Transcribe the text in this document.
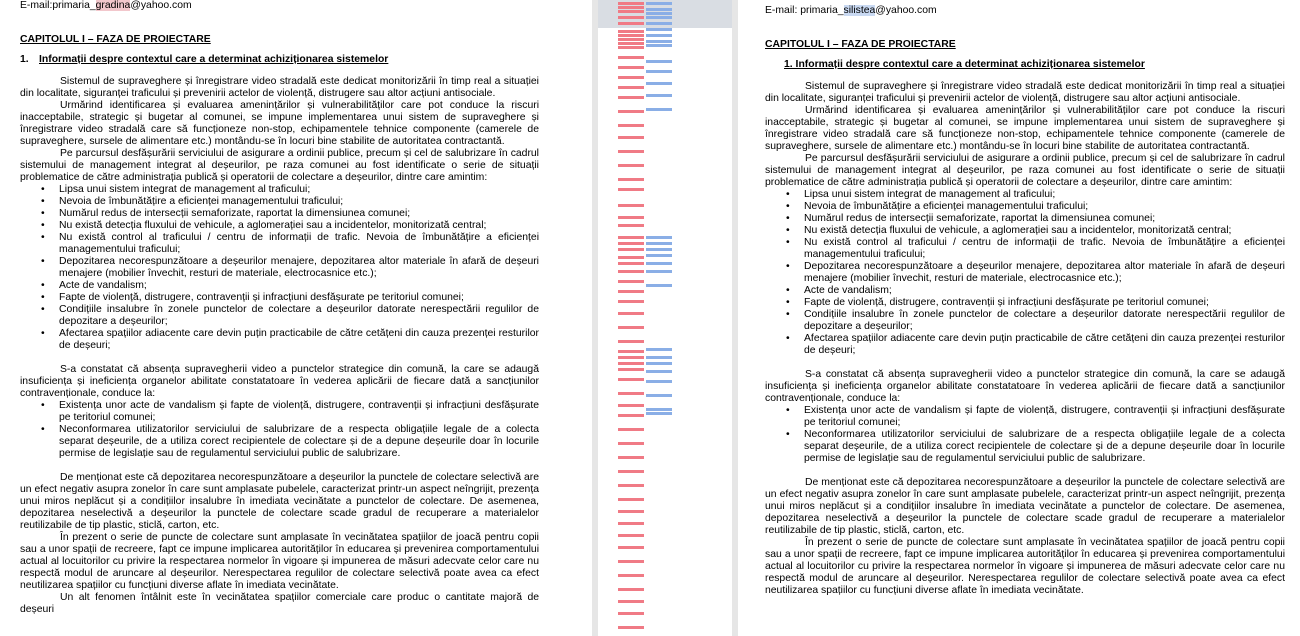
E-mail:primaria_gradina@yahoo.com

CAPITOLUL I – FAZA DE PROIECTARE

1. Informații despre contextul care a determinat achiziționarea sistemelor

Sistemul de supraveghere și înregistrare video stradală este dedicat monitorizării în timp real a situației din localitate, siguranței traficului și prevenirii actelor de violență, distrugere sau altor acțiuni antisociale.

Urmărind identificarea și evaluarea amenințărilor și vulnerabilităților care pot conduce la riscuri inacceptabile, strategic și bugetar al comunei, se impune implementarea unui sistem de supraveghere și înregistrare video stradală care să funcționeze non-stop, echipamentele tehnice componente (camerele de supraveghere, sursele de alimentare etc.) montându-se în locuri bine stabilite de autoritatea contractantă.

Pe parcursul desfășurării serviciului de asigurare a ordinii publice, precum și cel de salubrizare în cadrul sistemului de management integrat al deșeurilor, pe raza comunei au fost identificate o serie de situații problematice de către administrația publică și operatorii de colectare a deșeurilor, dintre care amintim:

• Lipsa unui sistem integrat de management al traficului;
• Nevoia de îmbunătățire a eficienței managementului traficului;
• Numărul redus de intersecții semaforizate, raportat la dimensiunea comunei;
• Nu există detecția fluxului de vehicule, a aglomerației sau a incidentelor, monitorizată central;
• Nu există control al traficului / centru de informații de trafic. Nevoia de îmbunătățire a eficienței managementului traficului;
• Depozitarea necorespunzătoare a deșeurilor menajere, depozitarea altor materiale în afară de deșeuri menajere (mobilier învechit, resturi de materiale, electrocasnice etc.);
• Acte de vandalism;
• Fapte de violență, distrugere, contravenții și infracțiuni desfășurate pe teritoriul comunei;
• Condițiile insalubre în zonele punctelor de colectare a deșeurilor datorate nerespectării regulilor de depozitare a deșeurilor;
• Afectarea spațiilor adiacente care devin puțin practicabile de către cetățeni din cauza prezenței resturilor de deșeuri;

S-a constatat că absența supravegherii video a punctelor strategice din comună, la care se adaugă insuficiența și ineficiența organelor abilitate constatatoare în vederea aplicării de fiecare dată a sancțiunilor contravenționale, conduce la:

• Existența unor acte de vandalism și fapte de violență, distrugere, contravenții și infracțiuni desfășurate pe teritoriul comunei;
• Neconformarea utilizatorilor serviciului de salubrizare de a respecta obligațiile legale de a colecta separat deșeurile, de a utiliza corect recipientele de colectare și de a depune deșeurile doar în locurile permise de legislație sau de regulamentul serviciului public de salubrizare.

De menționat este că depozitarea necorespunzătoare a deșeurilor la punctele de colectare selectivă are un efect negativ asupra zonelor în care sunt amplasate pubelele, caracterizat printr-un aspect neîngrijit, prezența unui miros neplăcut și a condițiilor insalubre în imediata vecinătate a punctelor de colectare. De asemenea, depozitarea neselectivă a deșeurilor la punctele de colectare scade gradul de recuperare a materialelor reutilizabile de tip plastic, sticlă, carton, etc.

În prezent o serie de puncte de colectare sunt amplasate în vecinătatea spațiilor de joacă pentru copii sau a unor spații de recreere, fapt ce impune implicarea autorităților în educarea și prevenirea comportamentului actual al locuitorilor cu privire la respectarea normelor în vigoare și impunerea de măsuri adecvate celor care nu respectă modul de aruncare al deșeurilor. Nerespectarea regulilor de colectare selectivă poate avea ca efect neutilizarea spațiilor cu funcțiuni diverse aflate în imediata vecinătate.

Un alt fenomen întâlnit este în vecinătatea spațiilor comerciale care produc o cantitate majoră de deșeuri

E-mail: primaria_silistea@yahoo.com

CAPITOLUL I – FAZA DE PROIECTARE

1. Informații despre contextul care a determinat achiziționarea sistemelor

Sistemul de supraveghere și înregistrare video stradală este dedicat monitorizării în timp real a situației din localitate, siguranței traficului și prevenirii actelor de violență, distrugere sau altor acțiuni antisociale.

Urmărind identificarea și evaluarea amenințărilor și vulnerabilităților care pot conduce la riscuri inacceptabile, strategic și bugetar al comunei, se impune implementarea unui sistem de supraveghere și înregistrare video stradală care să funcționeze non-stop, echipamentele tehnice componente (camerele de supraveghere, sursele de alimentare etc.) montându-se în locuri bine stabilite de autoritatea contractantă.

Pe parcursul desfășurării serviciului de asigurare a ordinii publice, precum și cel de salubrizare în cadrul sistemului de management integrat al deșeurilor, pe raza comunei au fost identificate o serie de situații problematice de către administrația publică și operatorii de colectare a deșeurilor, dintre care amintim:

• Lipsa unui sistem integrat de management al traficului;
• Nevoia de îmbunătățire a eficienței managementului traficului;
• Numărul redus de intersecții semaforizate, raportat la dimensiunea comunei;
• Nu există detecția fluxului de vehicule, a aglomerației sau a incidentelor, monitorizată central;
• Nu există control al traficului / centru de informații de trafic. Nevoia de îmbunătățire a eficienței managementului traficului;
• Depozitarea necorespunzătoare a deșeurilor menajere, depozitarea altor materiale în afară de deșeuri menajere (mobilier învechit, resturi de materiale, electrocasnice etc.);
• Acte de vandalism;
• Fapte de violență, distrugere, contravenții și infracțiuni desfășurate pe teritoriul comunei;
• Condițiile insalubre în zonele punctelor de colectare a deșeurilor datorate nerespectării regulilor de depozitare a deșeurilor;
• Afectarea spațiilor adiacente care devin puțin practicabile de către cetățeni din cauza prezenței resturilor de deșeuri;

S-a constatat că absența supravegherii video a punctelor strategice din comună, la care se adaugă insuficiența și ineficiența organelor abilitate constatatoare în vederea aplicării de fiecare dată a sancțiunilor contravenționale, conduce la:

• Existența unor acte de vandalism și fapte de violență, distrugere, contravenții și infracțiuni desfășurate pe teritoriul comunei;
• Neconformarea utilizatorilor serviciului de salubrizare de a respecta obligațiile legale de a colecta separat deșeurile, de a utiliza corect recipientele de colectare și de a depune deșeurile doar în locurile permise de legislație sau de regulamentul serviciului public de salubrizare.

De menționat este că depozitarea necorespunzătoare a deșeurilor la punctele de colectare selectivă are un efect negativ asupra zonelor în care sunt amplasate pubelele, caracterizat printr-un aspect neîngrijit, prezența unui miros neplăcut și a condițiilor insalubre în imediata vecinătate a punctelor de colectare. De asemenea, depozitarea neselectivă a deșeurilor la punctele de colectare scade gradul de recuperare a materialelor reutilizabile de tip plastic, sticlă, carton, etc.

În prezent o serie de puncte de colectare sunt amplasate în vecinătatea spațiilor de joacă pentru copii sau a unor spații de recreere, fapt ce impune implicarea autorităților în educarea și prevenirea comportamentului actual al locuitorilor cu privire la respectarea normelor în vigoare și impunerea de măsuri adecvate celor care nu respectă modul de aruncare al deșeurilor. Nerespectarea regulilor de colectare selectivă poate avea ca efect neutilizarea spațiilor cu funcțiuni diverse aflate în imediata vecinătate.
